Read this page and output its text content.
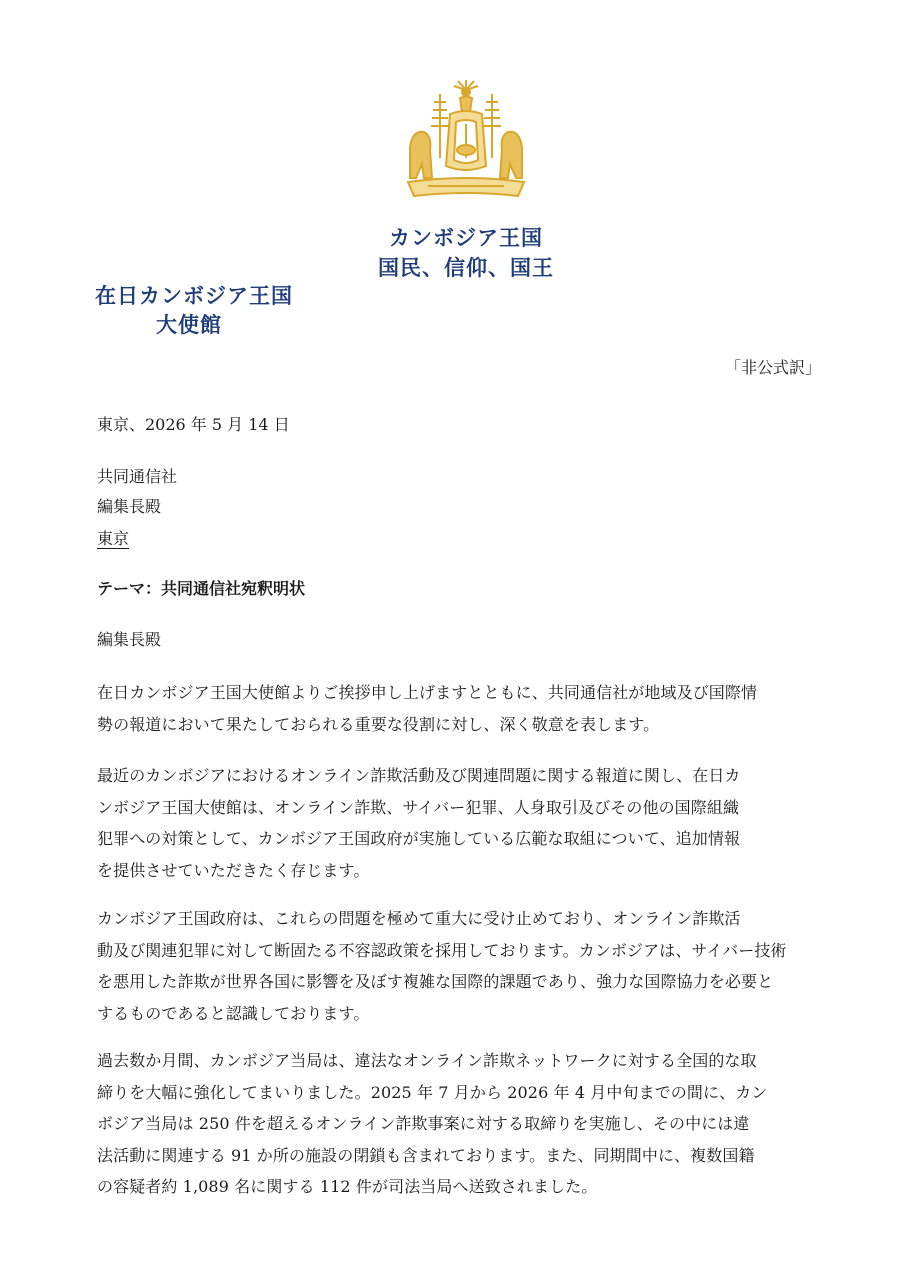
カンボジア王国
国民、信仰、国王
在日カンボジア王国
大使館
「非公式訳」
東京、2026 年 5 月 14 日
共同通信社
編集長殿
東京
テーマ：共同通信社宛釈明状
編集長殿
在日カンボジア王国大使館よりご挨拶申し上げますとともに、共同通信社が地域及び国際情
勢の報道において果たしておられる重要な役割に対し、深く敬意を表します。
最近のカンボジアにおけるオンライン詐欺活動及び関連問題に関する報道に関し、在日カ
ンボジア王国大使館は、オンライン詐欺、サイバー犯罪、人身取引及びその他の国際組織
犯罪への対策として、カンボジア王国政府が実施している広範な取組について、追加情報
を提供させていただきたく存じます。
カンボジア王国政府は、これらの問題を極めて重大に受け止めており、オンライン詐欺活
動及び関連犯罪に対して断固たる不容認政策を採用しております。カンボジアは、サイバー技術
を悪用した詐欺が世界各国に影響を及ぼす複雑な国際的課題であり、強力な国際協力を必要と
するものであると認識しております。
過去数か月間、カンボジア当局は、違法なオンライン詐欺ネットワークに対する全国的な取
締りを大幅に強化してまいりました。2025 年 7 月から 2026 年 4 月中旬までの間に、カン
ボジア当局は 250 件を超えるオンライン詐欺事案に対する取締りを実施し、その中には違
法活動に関連する 91 か所の施設の閉鎖も含まれております。また、同期間中に、複数国籍
の容疑者約 1,089 名に関する 112 件が司法当局へ送致されました。
